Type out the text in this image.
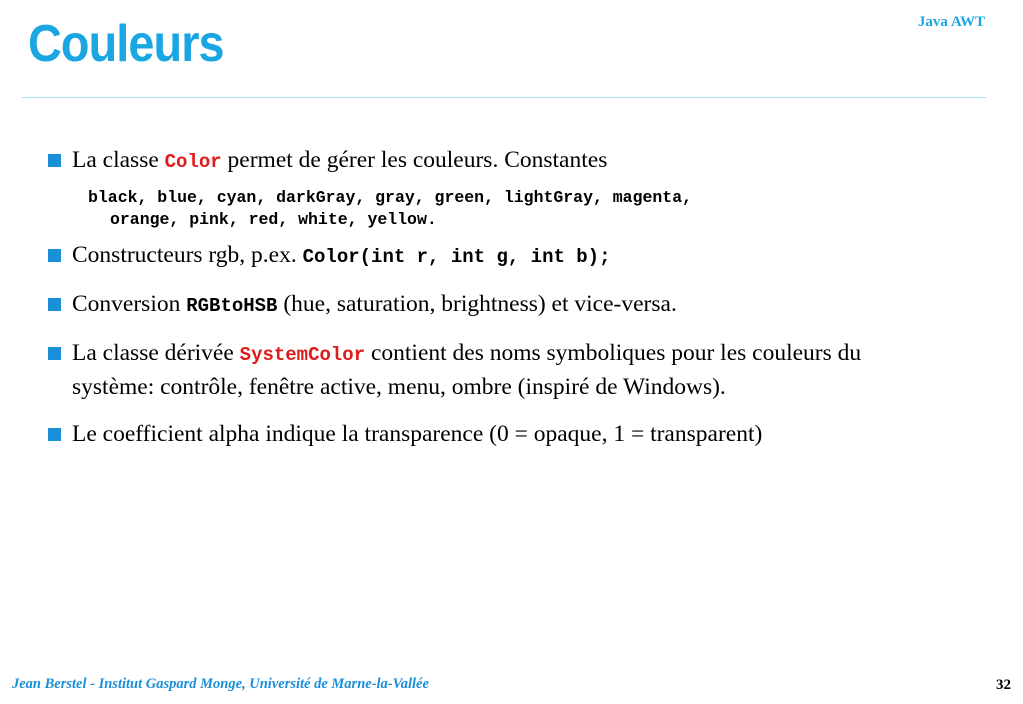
Couleurs	Java AWT
La classe Color permet de gérer les couleurs. Constantes
black, blue, cyan, darkGray, gray, green, lightGray, magenta,
orange, pink, red, white, yellow.
Constructeurs rgb, p.ex. Color(int r, int g, int b);
Conversion RGBtoHSB (hue, saturation, brightness) et vice-versa.
La classe dérivée SystemColor contient des noms symboliques pour les couleurs du système: contrôle, fenêtre active, menu, ombre (inspiré de Windows).
Le coefficient alpha indique la transparence (0 = opaque, 1 = transparent)
Jean Berstel - Institut Gaspard Monge, Université de Marne-la-Vallée	32
